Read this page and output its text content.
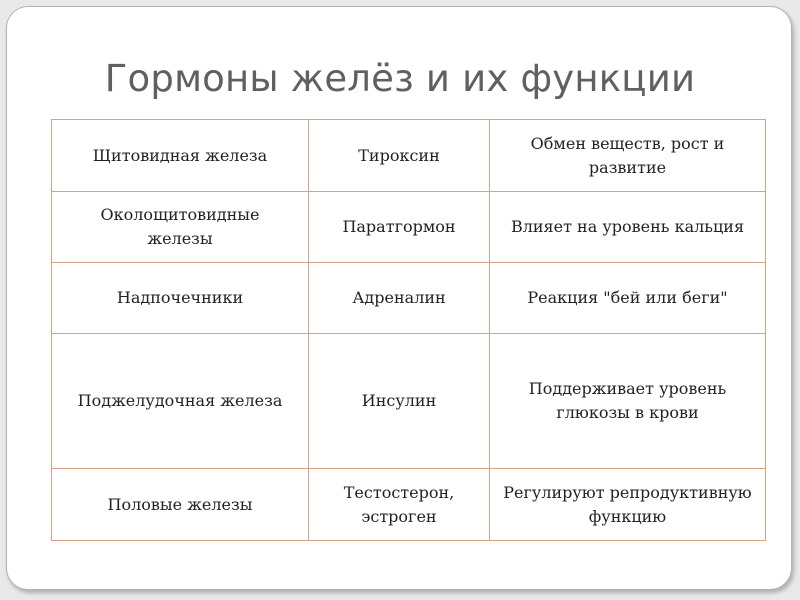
Гормоны желёз и их функции
Щитовидная железа	Тироксин	Обмен веществ, рост и развитие
Околощитовидные железы	Паратгормон	Влияет на уровень кальция
Надпочечники	Адреналин	Реакция "бей или беги"
Поджелудочная железа	Инсулин	Поддерживает уровень глюкозы в крови
Половые железы	Тестостерон, эстроген	Регулируют репродуктивную функцию
